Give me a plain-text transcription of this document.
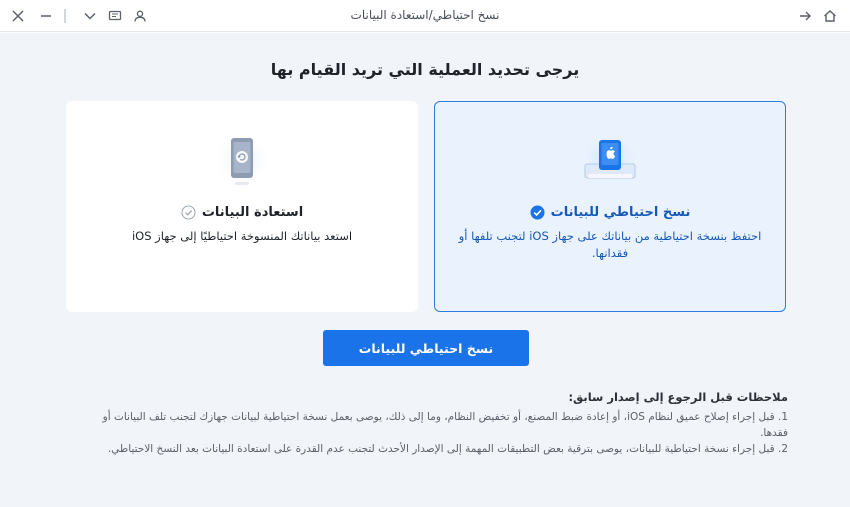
نسخ احتياطي/استعادة البيانات
يرجى تحديد العملية التي تريد القيام بها
نسخ احتياطي للبيانات
احتفظ بنسخة احتياطية من بياناتك على جهاز iOS لتجنب تلفها أو فقدانها.
استعادة البيانات
استعد بياناتك المنسوخة احتياطيًا إلى جهاز iOS
نسخ احتياطي للبيانات
ملاحظات قبل الرجوع إلى إصدار سابق:
1. قبل إجراء إصلاح عميق لنظام iOS، أو إعادة ضبط المصنع، أو تخفيض النظام، وما إلى ذلك، يوصى بعمل نسخة احتياطية لبيانات جهازك لتجنب تلف البيانات أو فقدها.
2. قبل إجراء نسخة احتياطية للبيانات، يوصى بترقية بعض التطبيقات المهمة إلى الإصدار الأحدث لتجنب عدم القدرة على استعادة البيانات بعد النسخ الاحتياطي.
